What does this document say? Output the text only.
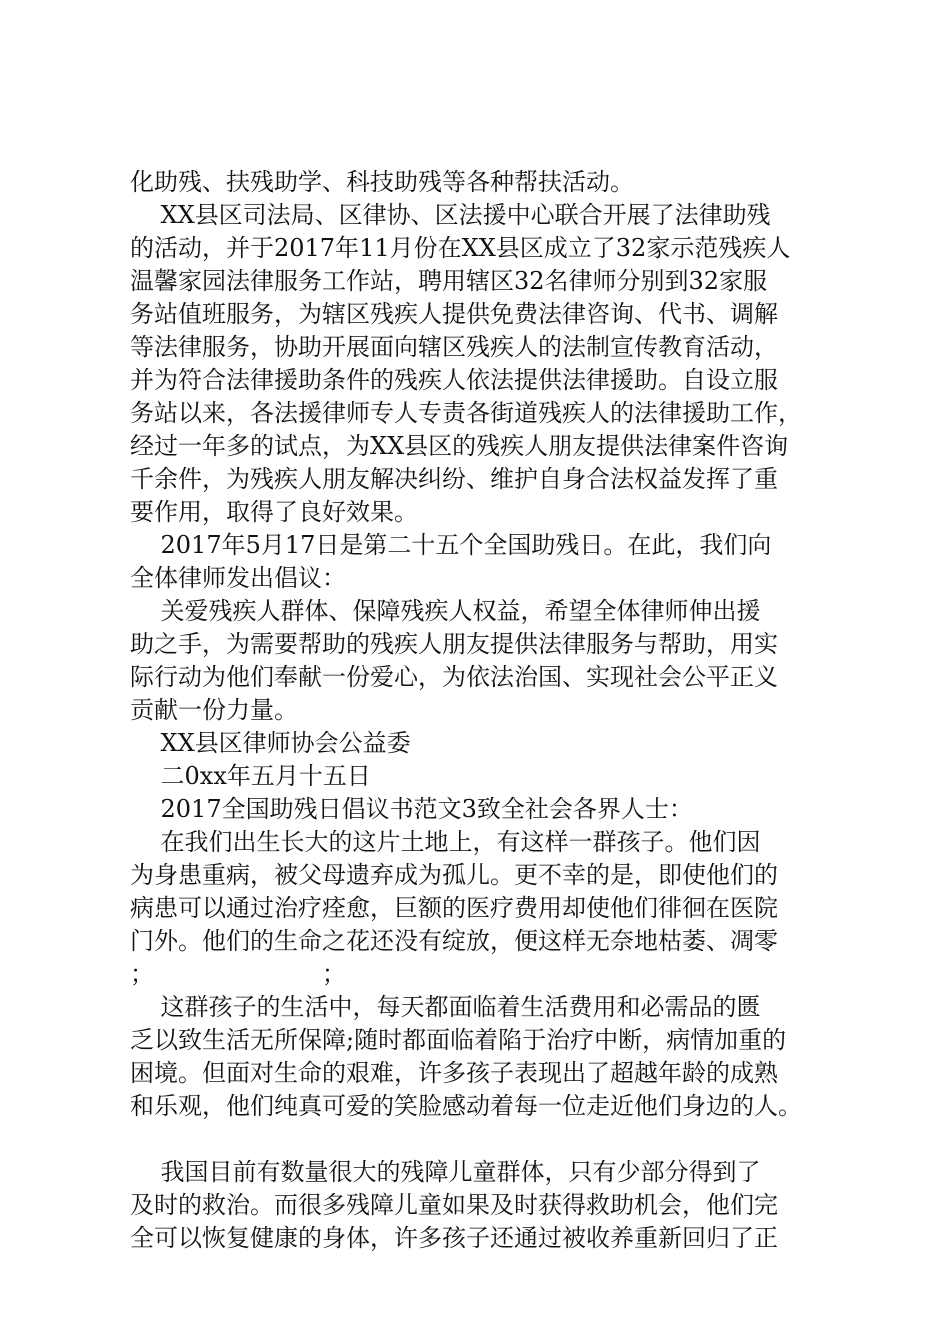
化助残、扶残助学、科技助残等各种帮扶活动。
XX县区司法局、区律协、区法援中心联合开展了法律助残
的活动，并于2017年11月份在XX县区成立了32家示范残疾人
温馨家园法律服务工作站，聘用辖区32名律师分别到32家服
务站值班服务，为辖区残疾人提供免费法律咨询、代书、调解
等法律服务，协助开展面向辖区残疾人的法制宣传教育活动，
并为符合法律援助条件的残疾人依法提供法律援助。自设立服
务站以来，各法援律师专人专责各街道残疾人的法律援助工作，
经过一年多的试点，为XX县区的残疾人朋友提供法律案件咨询
千余件，为残疾人朋友解决纠纷、维护自身合法权益发挥了重
要作用，取得了良好效果。
2017年5月17日是第二十五个全国助残日。在此，我们向
全体律师发出倡议：
关爱残疾人群体、保障残疾人权益，希望全体律师伸出援
助之手，为需要帮助的残疾人朋友提供法律服务与帮助，用实
际行动为他们奉献一份爱心，为依法治国、实现社会公平正义
贡献一份力量。
XX县区律师协会公益委
二0xx年五月十五日
2017全国助残日倡议书范文3致全社会各界人士：
在我们出生长大的这片土地上，有这样一群孩子。他们因
为身患重病，被父母遗弃成为孤儿。更不幸的是，即使他们的
病患可以通过治疗痊愈，巨额的医疗费用却使他们徘徊在医院
门外。他们的生命之花还没有绽放，便这样无奈地枯萎、凋零
；                      ；
这群孩子的生活中，每天都面临着生活费用和必需品的匮
乏以致生活无所保障;随时都面临着陷于治疗中断，病情加重的
困境。但面对生命的艰难，许多孩子表现出了超越年龄的成熟
和乐观，他们纯真可爱的笑脸感动着每一位走近他们身边的人。
我国目前有数量很大的残障儿童群体，只有少部分得到了
及时的救治。而很多残障儿童如果及时获得救助机会，他们完
全可以恢复健康的身体，许多孩子还通过被收养重新回归了正
